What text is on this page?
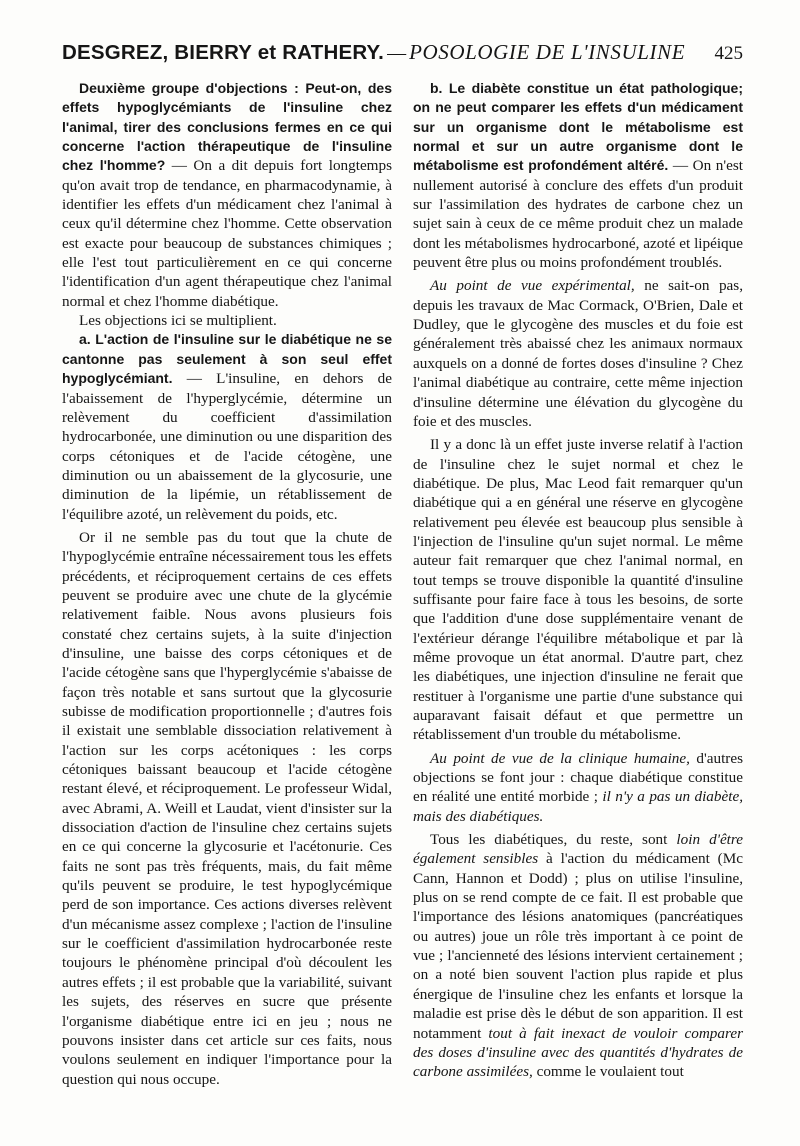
DESGREZ, BIERRY et RATHERY. — POSOLOGIE DE L'INSULINE 425

Deuxième groupe d'objections : Peut-on, des effets hypoglycémiants de l'insuline chez l'animal, tirer des conclusions fermes en ce qui concerne l'action thérapeutique de l'insuline chez l'homme? — On a dit depuis fort longtemps qu'on avait trop de tendance, en pharmacodynamie, à identifier les effets d'un médicament chez l'animal à ceux qu'il détermine chez l'homme. Cette observation est exacte pour beaucoup de substances chimiques ; elle l'est tout particulièrement en ce qui concerne l'identification d'un agent thérapeutique chez l'animal normal et chez l'homme diabétique.

Les objections ici se multiplient.

a. L'action de l'insuline sur le diabétique ne se cantonne pas seulement à son seul effet hypoglycémiant. — L'insuline, en dehors de l'abaissement de l'hyperglycémie, détermine un relèvement du coefficient d'assimilation hydrocarbonée, une diminution ou une disparition des corps cétoniques et de l'acide cétogène, une diminution ou un abaissement de la glycosurie, une diminution de la lipémie, un rétablissement de l'équilibre azoté, un relèvement du poids, etc.

Or il ne semble pas du tout que la chute de l'hypoglycémie entraîne nécessairement tous les effets précédents, et réciproquement certains de ces effets peuvent se produire avec une chute de la glycémie relativement faible. Nous avons plusieurs fois constaté chez certains sujets, à la suite d'injection d'insuline, une baisse des corps cétoniques et de l'acide cétogène sans que l'hyperglycémie s'abaisse de façon très notable et sans surtout que la glycosurie subisse de modification proportionnelle ; d'autres fois il existait une semblable dissociation relativement à l'action sur les corps acétoniques : les corps cétoniques baissant beaucoup et l'acide cétogène restant élevé, et réciproquement. Le professeur Widal, avec Abrami, A. Weill et Laudat, vient d'insister sur la dissociation d'action de l'insuline chez certains sujets en ce qui concerne la glycosurie et l'acétonurie. Ces faits ne sont pas très fréquents, mais, du fait même qu'ils peuvent se produire, le test hypoglycémique perd de son importance. Ces actions diverses relèvent d'un mécanisme assez complexe ; l'action de l'insuline sur le coefficient d'assimilation hydrocarbonée reste toujours le phénomène principal d'où découlent les autres effets ; il est probable que la variabilité, suivant les sujets, des réserves en sucre que présente l'organisme diabétique entre ici en jeu ; nous ne pouvons insister dans cet article sur ces faits, nous voulons seulement en indiquer l'importance pour la question qui nous occupe.

b. Le diabète constitue un état pathologique; on ne peut comparer les effets d'un médicament sur un organisme dont le métabolisme est normal et sur un autre organisme dont le métabolisme est profondément altéré. — On n'est nullement autorisé à conclure des effets d'un produit sur l'assimilation des hydrates de carbone chez un sujet sain à ceux de ce même produit chez un malade dont les métabolismes hydrocarboné, azoté et lipéique peuvent être plus ou moins profondément troublés.

Au point de vue expérimental, ne sait-on pas, depuis les travaux de Mac Cormack, O'Brien, Dale et Dudley, que le glycogène des muscles et du foie est généralement très abaissé chez les animaux normaux auxquels on a donné de fortes doses d'insuline ? Chez l'animal diabétique au contraire, cette même injection d'insuline détermine une élévation du glycogène du foie et des muscles.

Il y a donc là un effet juste inverse relatif à l'action de l'insuline chez le sujet normal et chez le diabétique. De plus, Mac Leod fait remarquer qu'un diabétique qui a en général une réserve en glycogène relativement peu élevée est beaucoup plus sensible à l'injection de l'insuline qu'un sujet normal. Le même auteur fait remarquer que chez l'animal normal, en tout temps se trouve disponible la quantité d'insuline suffisante pour faire face à tous les besoins, de sorte que l'addition d'une dose supplémentaire venant de l'extérieur dérange l'équilibre métabolique et par là même provoque un état anormal. D'autre part, chez les diabétiques, une injection d'insuline ne ferait que restituer à l'organisme une partie d'une substance qui auparavant faisait défaut et que permettre un rétablissement d'un trouble du métabolisme.

Au point de vue de la clinique humaine, d'autres objections se font jour : chaque diabétique constitue en réalité une entité morbide ; il n'y a pas un diabète, mais des diabétiques.

Tous les diabétiques, du reste, sont loin d'être également sensibles à l'action du médicament (Mc Cann, Hannon et Dodd) ; plus on utilise l'insuline, plus on se rend compte de ce fait. Il est probable que l'importance des lésions anatomiques (pancréatiques ou autres) joue un rôle très important à ce point de vue ; l'ancienneté des lésions intervient certainement ; on a noté bien souvent l'action plus rapide et plus énergique de l'insuline chez les enfants et lorsque la maladie est prise dès le début de son apparition. Il est notamment tout à fait inexact de vouloir comparer des doses d'insuline avec des quantités d'hydrates de carbone assimilées, comme le voulaient tout
